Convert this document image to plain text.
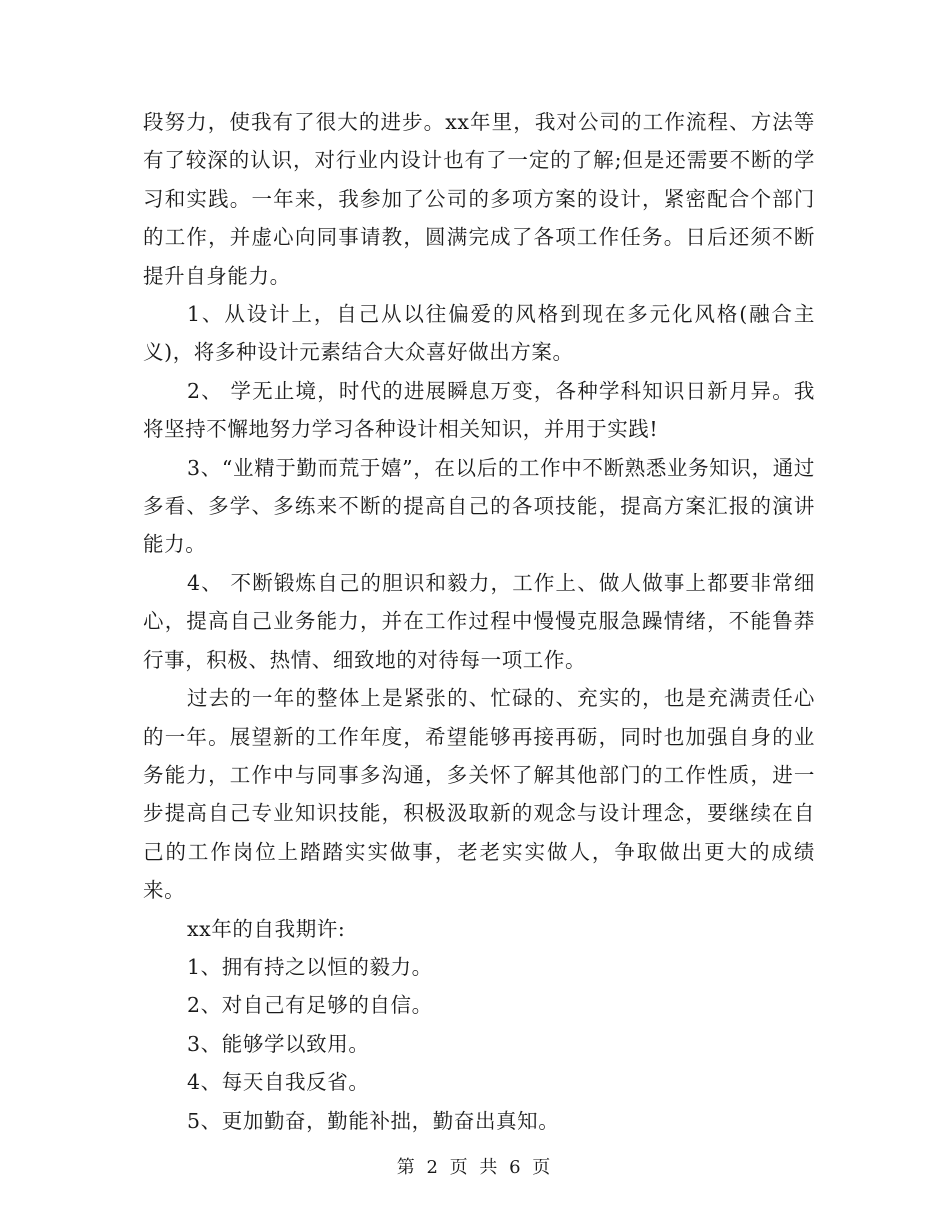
段努力，使我有了很大的进步。xx年里，我对公司的工作流程、方法等有了较深的认识，对行业内设计也有了一定的了解;但是还需要不断的学习和实践。一年来，我参加了公司的多项方案的设计，紧密配合个部门的工作，并虚心向同事请教，圆满完成了各项工作任务。日后还须不断提升自身能力。

1、从设计上，自己从以往偏爱的风格到现在多元化风格(融合主义)，将多种设计元素结合大众喜好做出方案。

2、 学无止境，时代的进展瞬息万变，各种学科知识日新月异。我将坚持不懈地努力学习各种设计相关知识，并用于实践!

3、“业精于勤而荒于嬉”，在以后的工作中不断熟悉业务知识，通过多看、多学、多练来不断的提高自己的各项技能，提高方案汇报的演讲能力。

4、 不断锻炼自己的胆识和毅力，工作上、做人做事上都要非常细心，提高自己业务能力，并在工作过程中慢慢克服急躁情绪，不能鲁莽行事，积极、热情、细致地的对待每一项工作。

过去的一年的整体上是紧张的、忙碌的、充实的，也是充满责任心的一年。展望新的工作年度，希望能够再接再砺，同时也加强自身的业务能力，工作中与同事多沟通，多关怀了解其他部门的工作性质，进一步提高自己专业知识技能，积极汲取新的观念与设计理念，要继续在自己的工作岗位上踏踏实实做事，老老实实做人，争取做出更大的成绩来。

xx年的自我期许:

1、拥有持之以恒的毅力。

2、对自己有足够的自信。

3、能够学以致用。

4、每天自我反省。

5、更加勤奋，勤能补拙，勤奋出真知。

第 2 页 共 6 页
